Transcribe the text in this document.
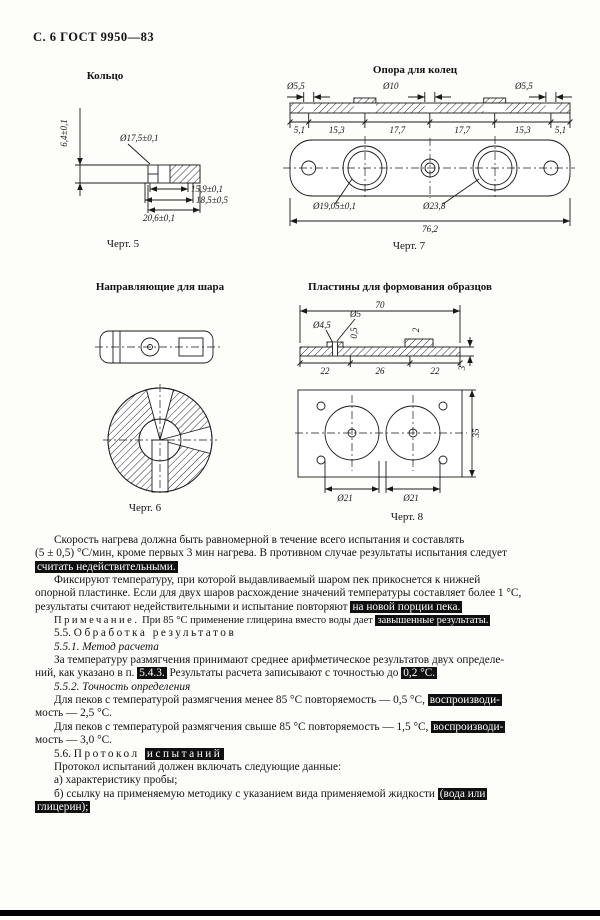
С. 6 ГОСТ 9950—83
Кольцо
6,4±0,1	Ø17,5±0,1
15,9±0,1
18,5±0,5
20,6±0,1
Черт. 5
Опора для колец
Ø5,5	Ø10	Ø5,5
5,1	15,3	17,7	17,7	15,3	5,1
Ø19,05±0,1	Ø23,8
76,2
Черт. 7
Направляющие для шара
Черт. 6
Пластины для формования образцов
70
Ø5
Ø4,5
0,5	2
22	26	22 3
35
Ø21	Ø21
Черт. 8
Скорость нагрева должна быть равномерной в течение всего испытания и составлять
(5 ± 0,5) °С/мин, кроме первых 3 мин нагрева. В противном случае результаты испытания следует
считать недействительными.
Фиксируют температуру, при которой выдавливаемый шаром пек прикоснется к нижней
опорной пластинке. Если для двух шаров расхождение значений температуры составляет более 1 °С,
результаты считают недействительными и испытание повторяют на новой порции пека.
Примечание. При 85 °С применение глицерина вместо воды дает завышенные результаты.
5.5. Обработка результатов
5.5.1. Метод расчета
За температуру размягчения принимают среднее арифметическое результатов двух определе-
ний, как указано в п. 5.4.3. Результаты расчета записывают с точностью до 0,2 °С.
5.5.2. Точность определения
Для пеков с температурой размягчения менее 85 °С повторяемость — 0,5 °С, воспроизводи-
мость — 2,5 °С.
Для пеков с температурой размягчения свыше 85 °С повторяемость — 1,5 °С, воспроизводи-
мость — 3,0 °С.
5.6. Протокол испытаний
Протокол испытаний должен включать следующие данные:
а) характеристику пробы;
б) ссылку на применяемую методику с указанием вида применяемой жидкости (вода или
глицерин);
